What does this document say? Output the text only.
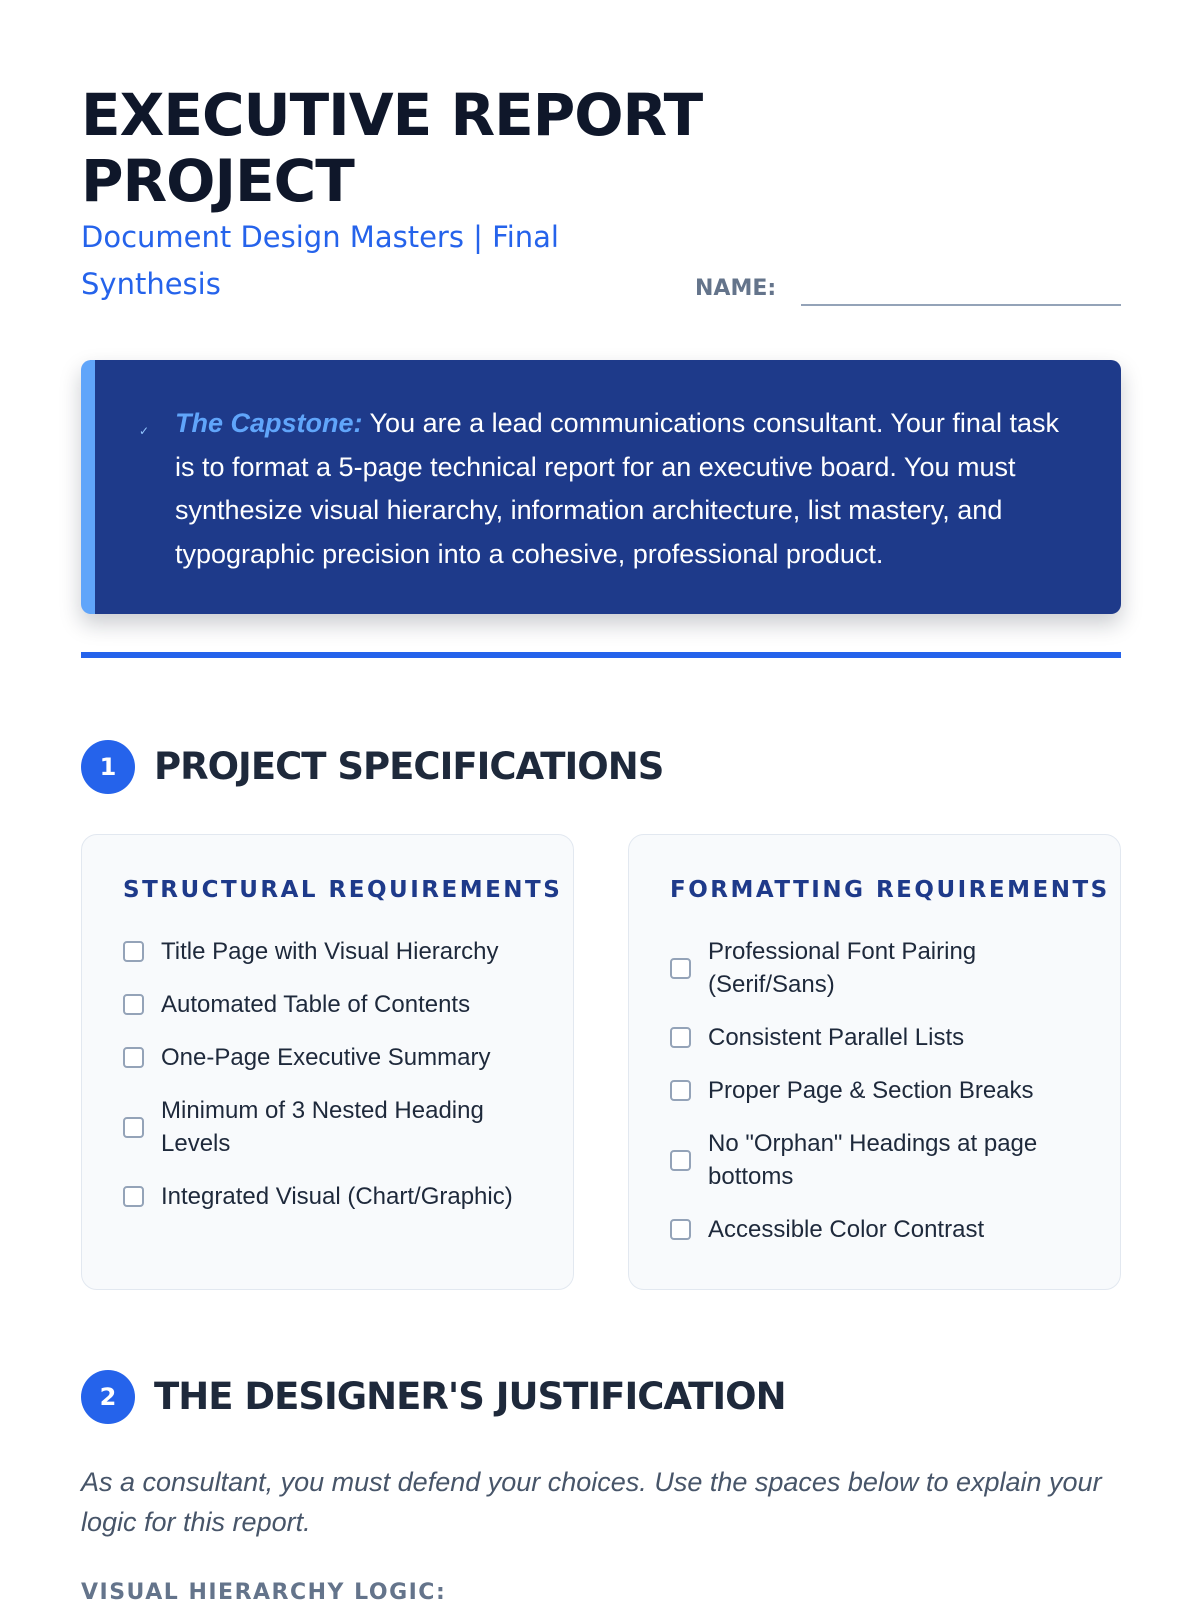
EXECUTIVE REPORT PROJECT
Document Design Masters | Final Synthesis	NAME:
✓ The Capstone: You are a lead communications consultant. Your final task is to format a 5-page technical report for an executive board. You must synthesize visual hierarchy, information architecture, list mastery, and typographic precision into a cohesive, professional product.

1	PROJECT SPECIFICATIONS
STRUCTURAL REQUIREMENTS
Title Page with Visual Hierarchy
Automated Table of Contents
One-Page Executive Summary
Minimum of 3 Nested Heading Levels
Integrated Visual (Chart/Graphic)
FORMATTING REQUIREMENTS
Professional Font Pairing (Serif/Sans)
Consistent Parallel Lists
Proper Page & Section Breaks
No "Orphan" Headings at page bottoms
Accessible Color Contrast
2	THE DESIGNER'S JUSTIFICATION

As a consultant, you must defend your choices. Use the spaces below to explain your logic for this report.

VISUAL HIERARCHY LOGIC:
